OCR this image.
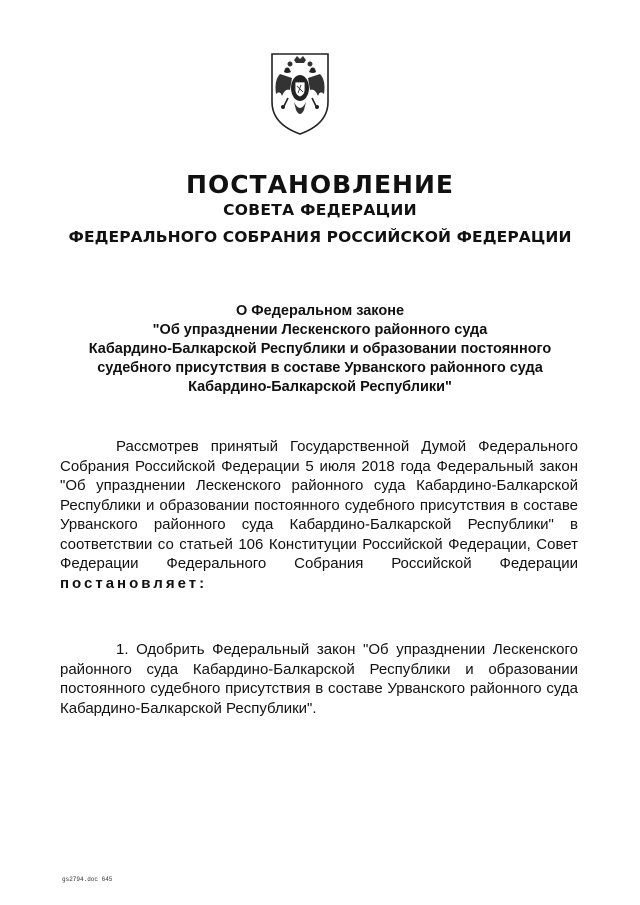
ПОСТАНОВЛЕНИЕ
СОВЕТА ФЕДЕРАЦИИ
ФЕДЕРАЛЬНОГО СОБРАНИЯ РОССИЙСКОЙ ФЕДЕРАЦИИ
О Федеральном законе
"Об упразднении Лескенского районного суда
Кабардино-Балкарской Республики и образовании постоянного
судебного присутствия в составе Урванского районного суда
Кабардино-Балкарской Республики"
Рассмотрев принятый Государственной Думой Федерального Собрания Российской Федерации 5 июля 2018 года Федеральный закон "Об упразднении Лескенского районного суда Кабардино-Балкарской Республики и образовании постоянного судебного присутствия в составе Урванского районного суда Кабардино-Балкарской Республики" в соответствии со статьей 106 Конституции Российской Федерации, Совет Федерации Федерального Собрания Российской Федерации постановляет:
1. Одобрить Федеральный закон "Об упразднении Лескенского районного суда Кабардино-Балкарской Республики и образовании постоянного судебного присутствия в составе Урванского районного суда Кабардино-Балкарской Республики".
gs2794.doc 645
